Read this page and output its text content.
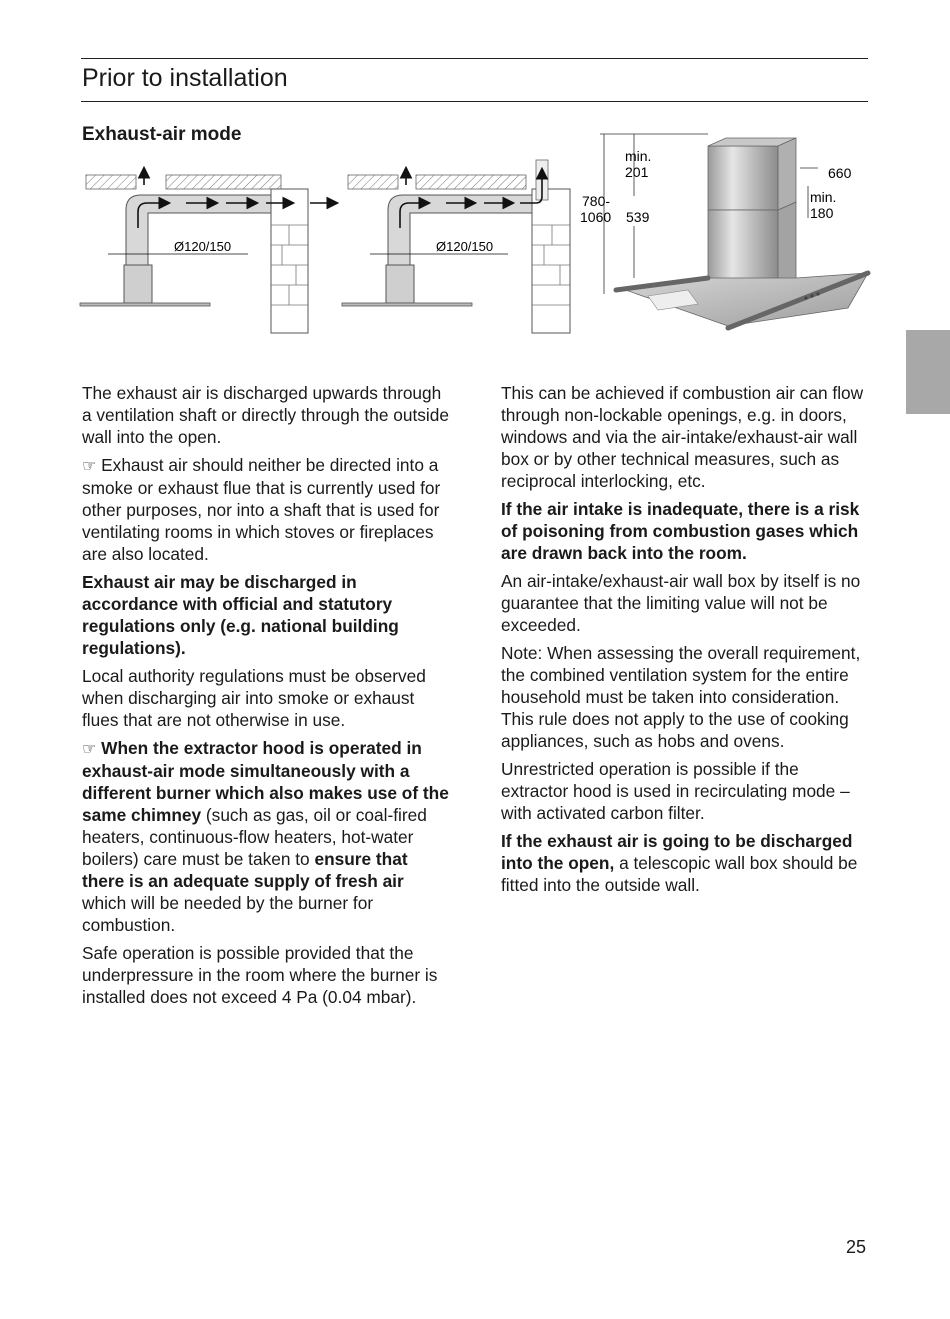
Prior to installation
Exhaust-air mode
Ø120/150	Ø120/150
min.
201
780-
1060 539
660
min.
180

The exhaust air is discharged upwards through a ventilation shaft or directly through the outside wall into the open.

☞ Exhaust air should neither be directed into a smoke or exhaust flue that is currently used for other purposes, nor into a shaft that is used for ventilating rooms in which stoves or fireplaces are also located.

Exhaust air may be discharged in accordance with official and statutory regulations only (e.g. national building regulations).

Local authority regulations must be observed when discharging air into smoke or exhaust flues that are not otherwise in use.

☞ When the extractor hood is operated in exhaust-air mode simultaneously with a different burner which also makes use of the same chimney (such as gas, oil or coal-fired heaters, continuous-flow heaters, hot-water boilers) care must be taken to ensure that there is an adequate supply of fresh air which will be needed by the burner for combustion.

Safe operation is possible provided that the underpressure in the room where the burner is installed does not exceed 4 Pa (0.04 mbar).

This can be achieved if combustion air can flow through non-lockable openings, e.g. in doors, windows and via the air-intake/exhaust-air wall box or by other technical measures, such as reciprocal interlocking, etc.

If the air intake is inadequate, there is a risk of poisoning from combustion gases which are drawn back into the room.

An air-intake/exhaust-air wall box by itself is no guarantee that the limiting value will not be exceeded.

Note: When assessing the overall requirement, the combined ventilation system for the entire household must be taken into consideration. This rule does not apply to the use of cooking appliances, such as hobs and ovens.

Unrestricted operation is possible if the extractor hood is used in recirculating mode – with activated carbon filter.

If the exhaust air is going to be discharged into the open, a telescopic wall box should be fitted into the outside wall.

25
